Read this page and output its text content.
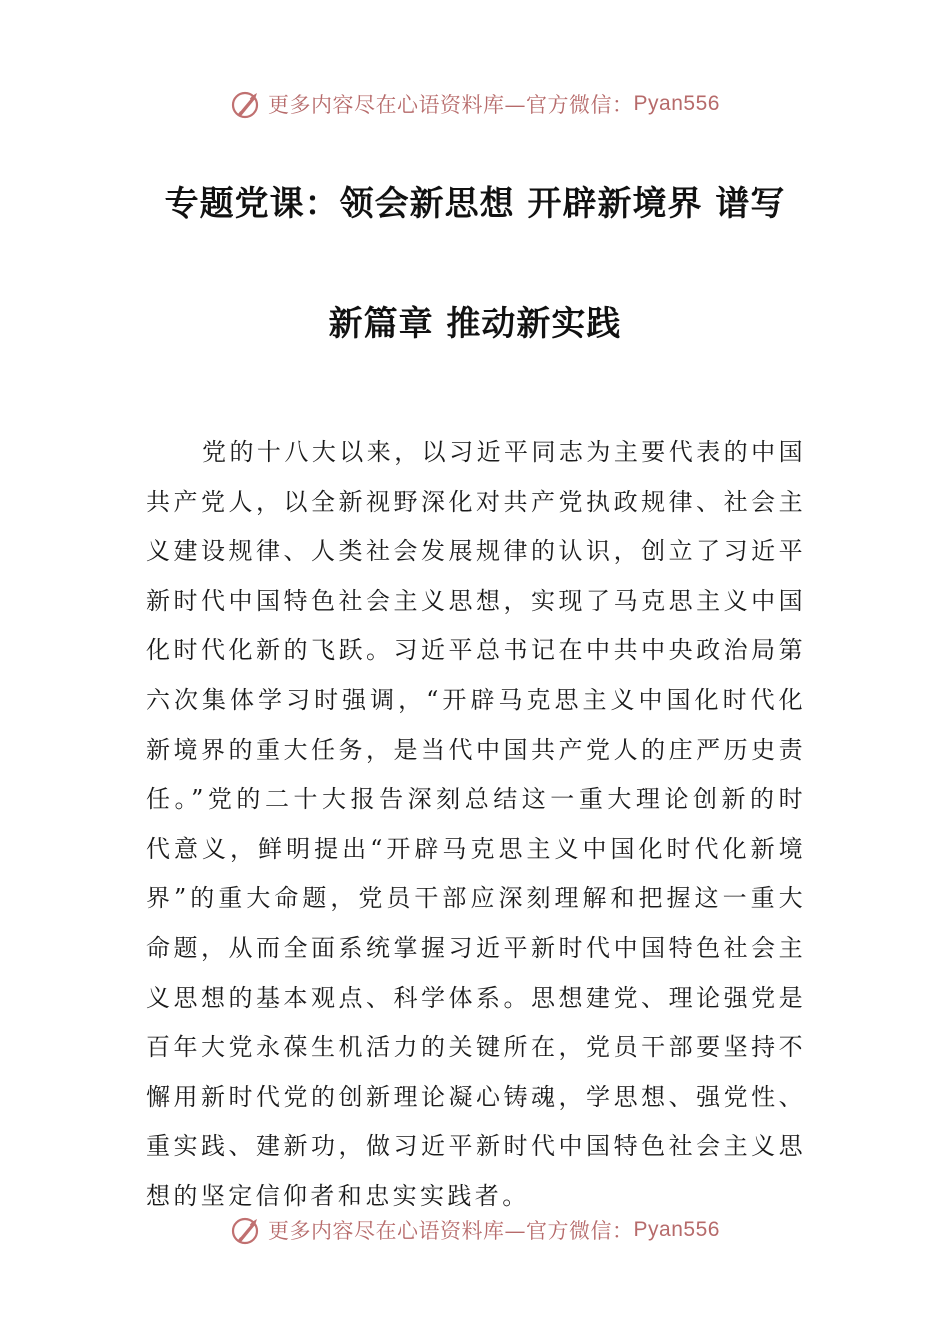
更多内容尽在心语资料库—官方微信： Pyan556
专题党课：领会新思想 开辟新境界 谱写
新篇章 推动新实践
党的十八大以来，以习近平同志为主要代表的中国共产党人，以全新视野深化对共产党执政规律、社会主义建设规律、人类社会发展规律的认识，创立了习近平新时代中国特色社会主义思想，实现了马克思主义中国化时代化新的飞跃。习近平总书记在中共中央政治局第六次集体学习时强调，“开辟马克思主义中国化时代化新境界的重大任务，是当代中国共产党人的庄严历史责任。”党的二十大报告深刻总结这一重大理论创新的时代意义，鲜明提出“开辟马克思主义中国化时代化新境界”的重大命题，党员干部应深刻理解和把握这一重大命题，从而全面系统掌握习近平新时代中国特色社会主义思想的基本观点、科学体系。思想建党、理论强党是百年大党永葆生机活力的关键所在，党员干部要坚持不懈用新时代党的创新理论凝心铸魂，学思想、强党性、重实践、建新功，做习近平新时代中国特色社会主义思想的坚定信仰者和忠实实践者。
更多内容尽在心语资料库—官方微信： Pyan556
